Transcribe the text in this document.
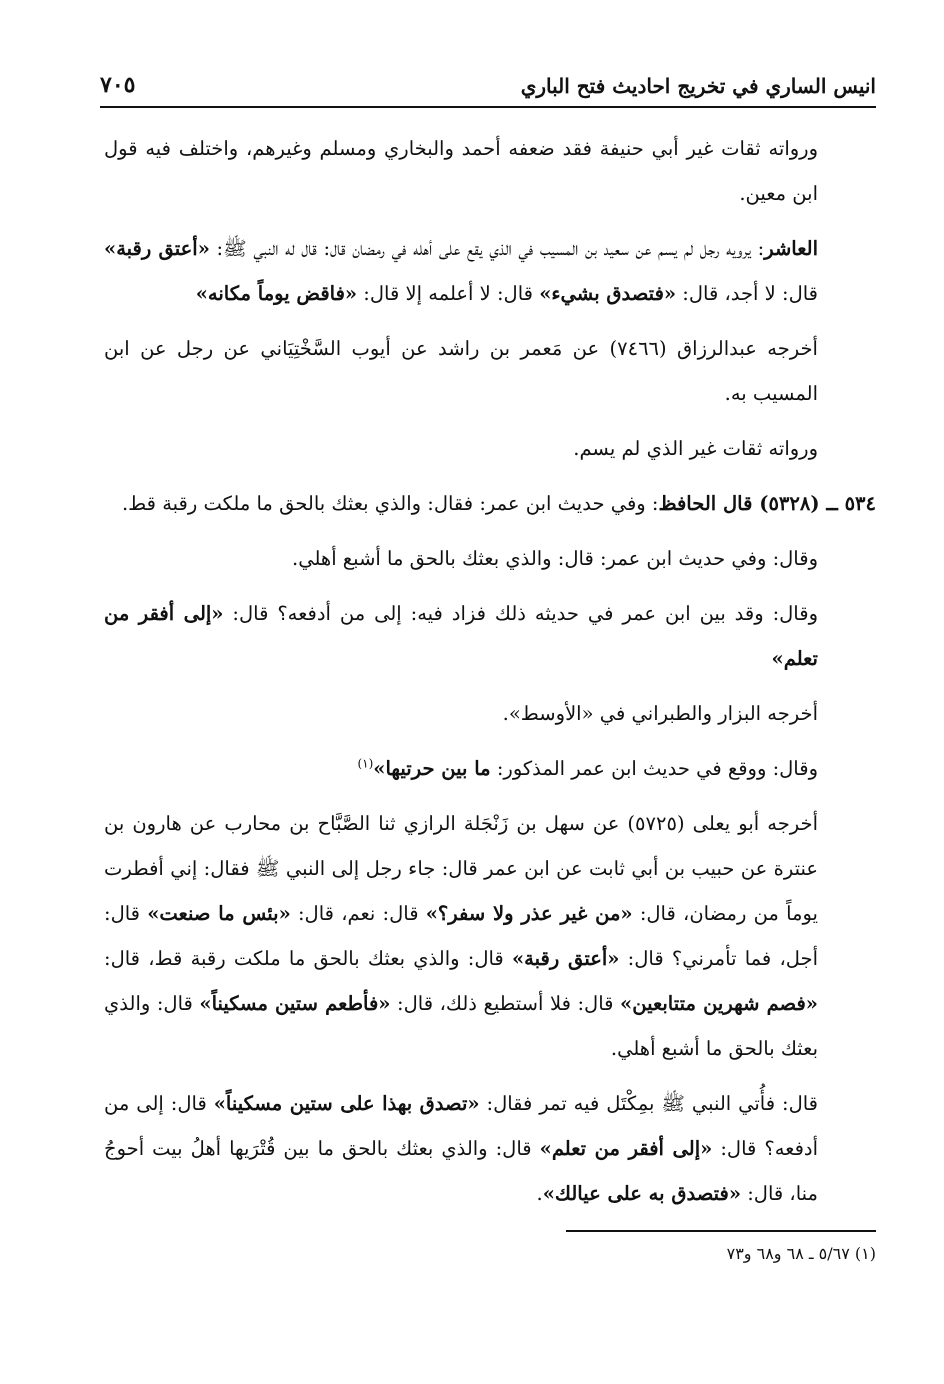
انيس الساري في تخريج احاديث فتح الباري
٧٠٥

ورواته ثقات غير أبي حنيفة فقد ضعفه أحمد والبخاري ومسلم وغيرهم، واختلف فيه قول ابن معين.

العاشر: يرويه رجل لم يسم عن سعيد بن المسيب في الذي يقع على أهله في رمضان قال: قال له النبي ﷺ: «أعتق رقبة» قال: لا أجد، قال: «فتصدق بشيء» قال: لا أعلمه إلا قال: «فاقض يوماً مكانه»

أخرجه عبدالرزاق (٧٤٦٦) عن مَعمر بن راشد عن أيوب السَّخْتِيَاني عن رجل عن ابن المسيب به.

ورواته ثقات غير الذي لم يسم.

٥٣٤ ــ (٥٣٢٨) قال الحافظ: وفي حديث ابن عمر: فقال: والذي بعثك بالحق ما ملكت رقبة قط.

وقال: وفي حديث ابن عمر: قال: والذي بعثك بالحق ما أشبع أهلي.

وقال: وقد بين ابن عمر في حديثه ذلك فزاد فيه: إلى من أدفعه؟ قال: «إلى أفقر من تعلم»

أخرجه البزار والطبراني في «الأوسط».

وقال: ووقع في حديث ابن عمر المذكور: ما بين حرتيها»$^{(١)}$

أخرجه أبو يعلى (٥٧٢٥) عن سهل بن زَنْجَلة الرازي ثنا الصَّبَّاح بن محارب عن هارون بن عنترة عن حبيب بن أبي ثابت عن ابن عمر قال: جاء رجل إلى النبي ﷺ فقال: إني أفطرت يوماً من رمضان، قال: «من غير عذر ولا سفر؟» قال: نعم، قال: «بئس ما صنعت» قال: أجل، فما تأمرني؟ قال: «أعتق رقبة» قال: والذي بعثك بالحق ما ملكت رقبة قط، قال: «فصم شهرين متتابعين» قال: فلا أستطيع ذلك، قال: «فأطعم ستين مسكيناً» قال: والذي بعثك بالحق ما أشبع أهلي.

قال: فأُتي النبي ﷺ بمِكْتَل فيه تمر فقال: «تصدق بهذا على ستين مسكيناً» قال: إلى من أدفعه؟ قال: «إلى أفقر من تعلم» قال: والذي بعثك بالحق ما بين قُتْرَيها أهلُ بيت أحوجُ منا، قال: «فتصدق به على عيالك».

(١) ٥/٦٧ ـ ٦٨ و٦٨ و٧٣
